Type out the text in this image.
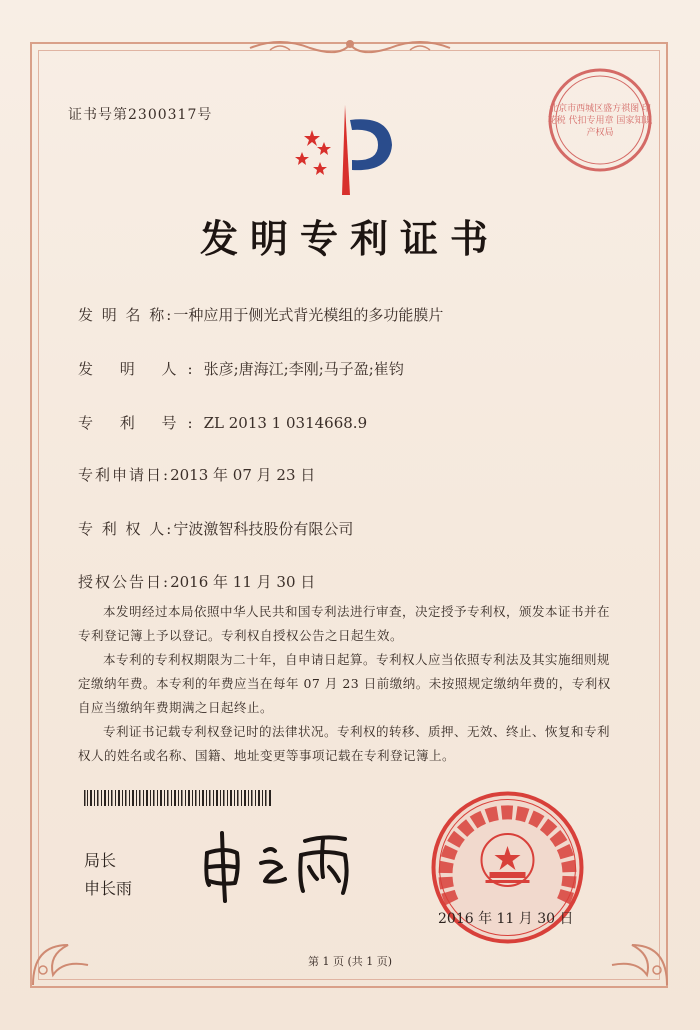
证书号第2300317号	北京市西城区盛方祺图 印花税 代扣专用章 国家知识产权局
发明专利证书
发 明 名 称:一种应用于侧光式背光模组的多功能膜片
发 明 人:张彦;唐海江;李刚;马子盈;崔钧
专 利 号:ZL 2013 1 0314668.9
专利申请日:2013 年 07 月 23 日
专 利 权 人:宁波激智科技股份有限公司
授权公告日:2016 年 11 月 30 日

本发明经过本局依照中华人民共和国专利法进行审查，决定授予专利权，颁发本证书并在专利登记簿上予以登记。专利权自授权公告之日起生效。

本专利的专利权期限为二十年，自申请日起算。专利权人应当依照专利法及其实施细则规定缴纳年费。本专利的年费应当在每年 07 月 23 日前缴纳。未按照规定缴纳年费的，专利权自应当缴纳年费期满之日起终止。

专利证书记载专利权登记时的法律状况。专利权的转移、质押、无效、终止、恢复和专利权人的姓名或名称、国籍、地址变更等事项记载在专利登记簿上。

局长
申长雨
2016 年 11 月 30 日
第 1 页 (共 1 页)
